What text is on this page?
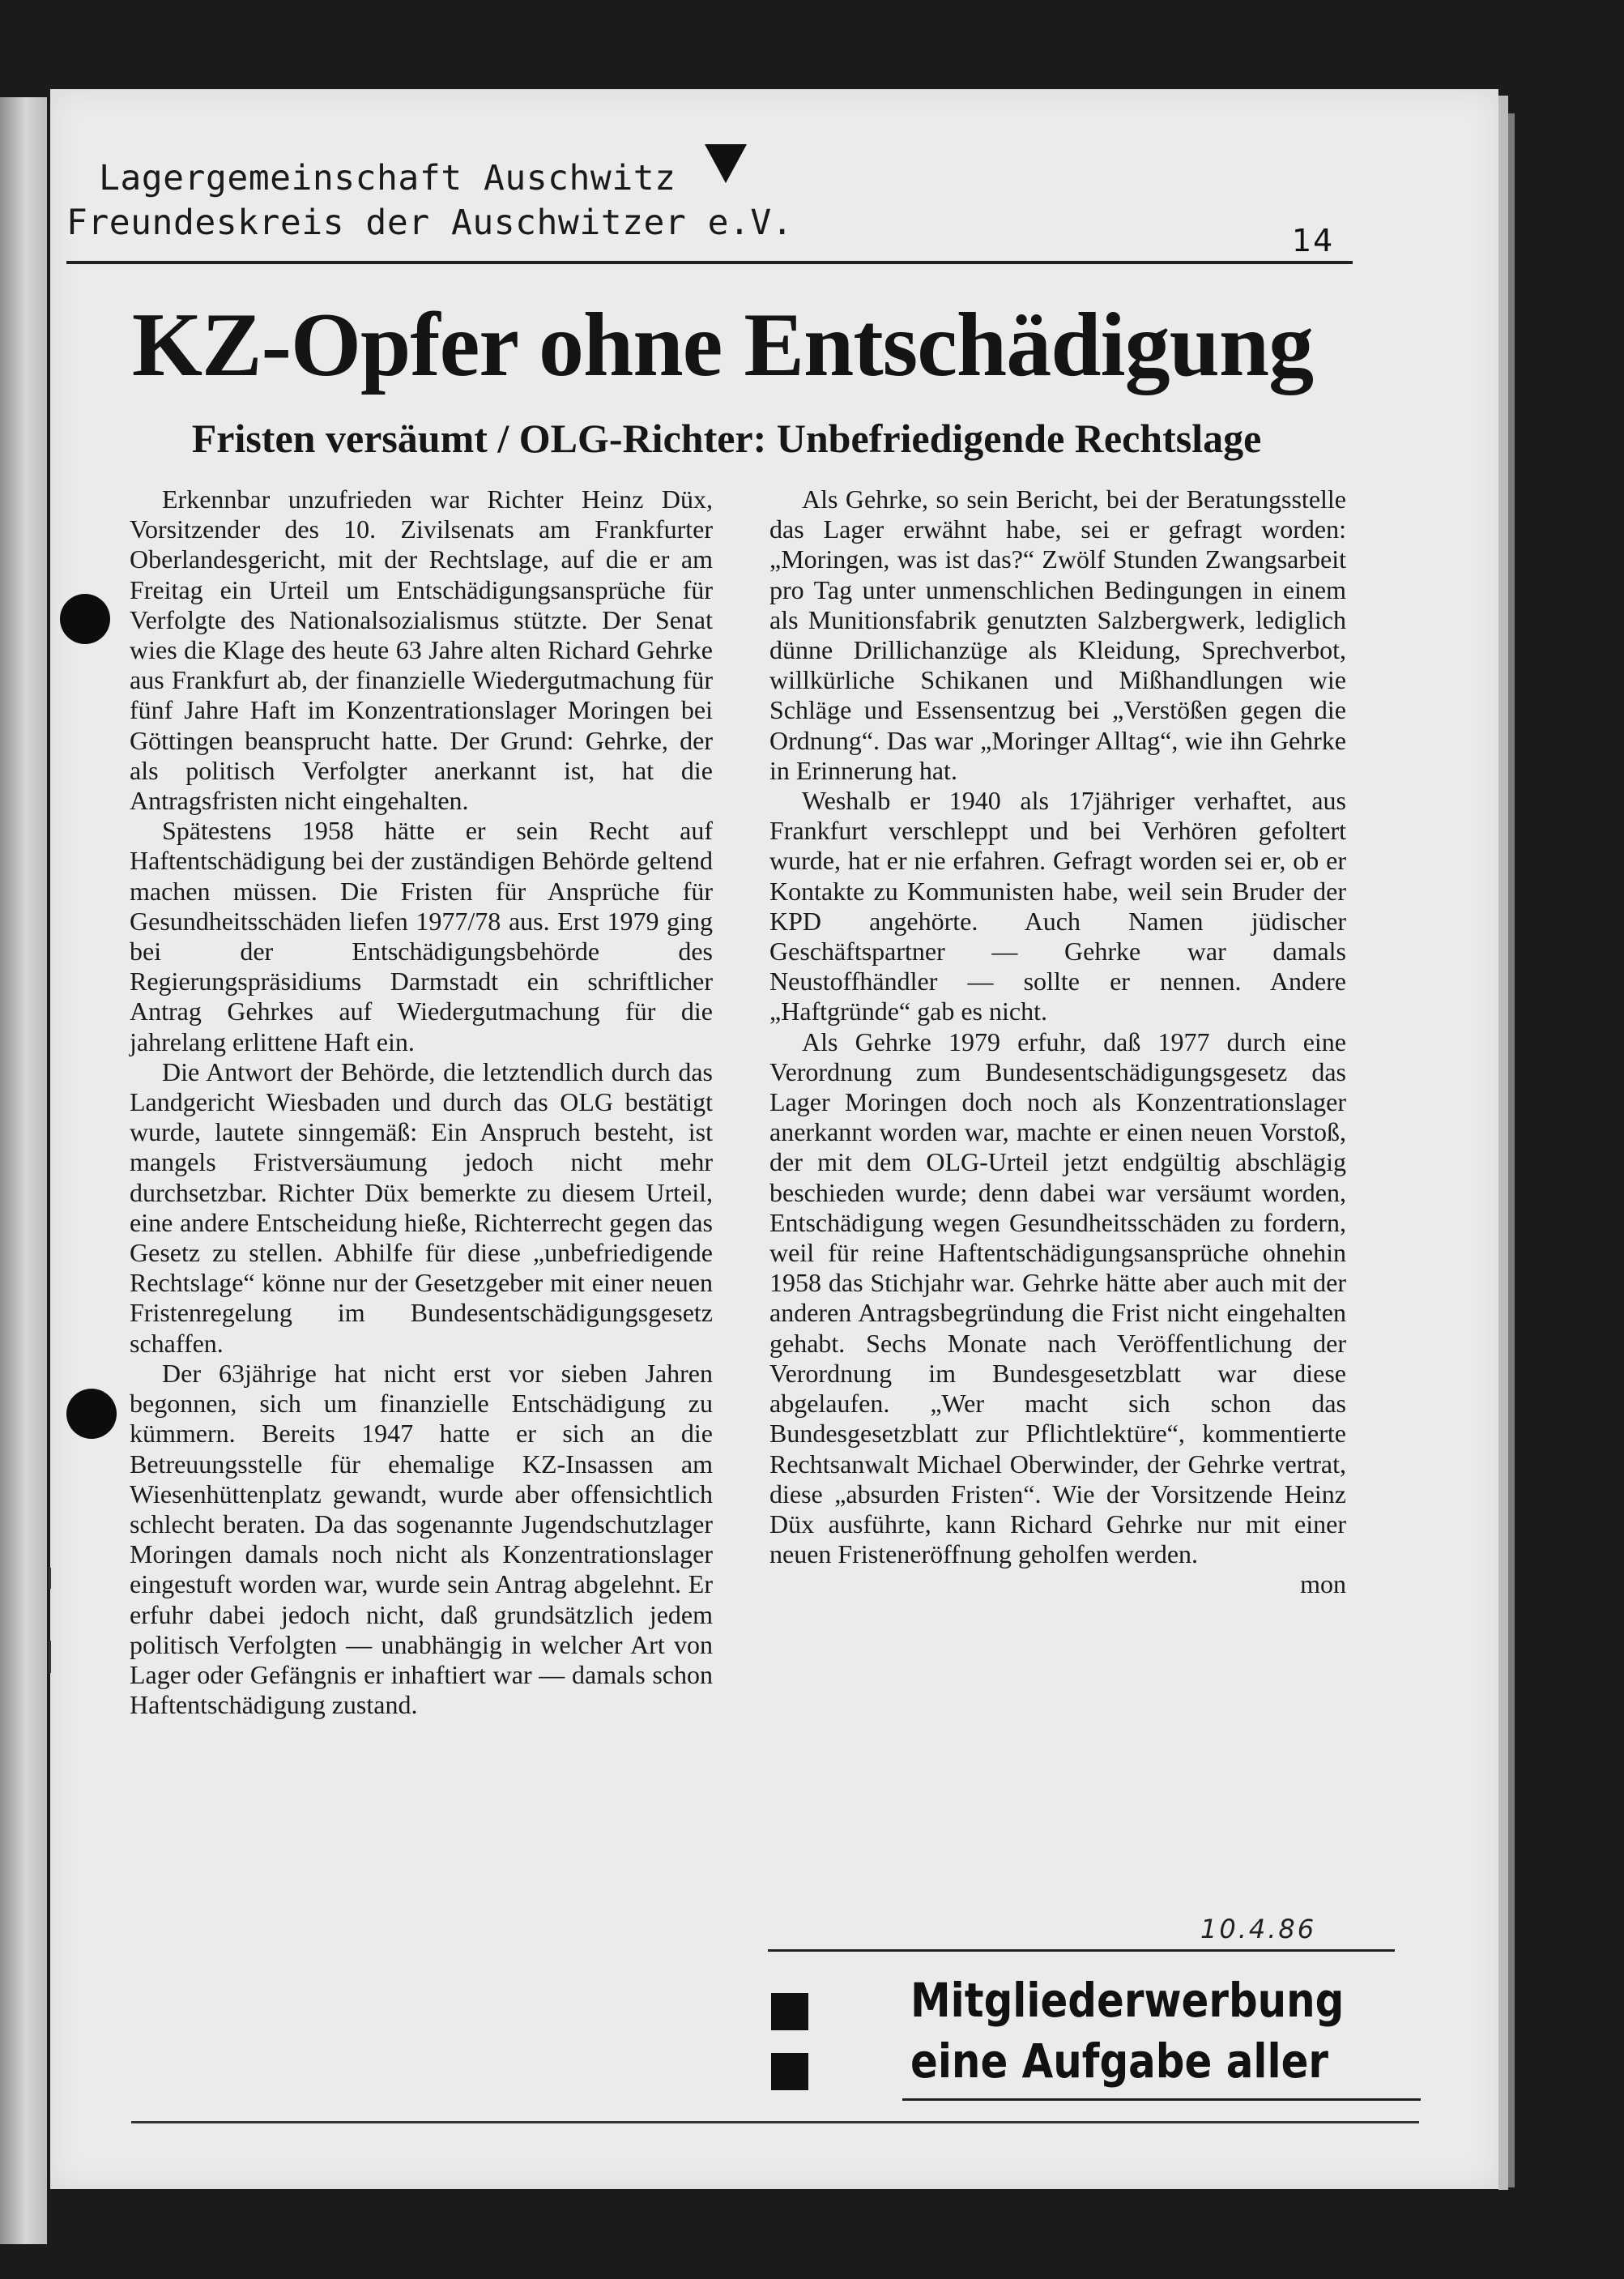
Lagergemeinschaft Auschwitz
Freundeskreis der Auschwitzer e.V.	14
KZ-Opfer ohne Entschädigung
Fristen versäumt / OLG-Richter: Unbefriedigende Rechtslage

Erkennbar unzufrieden war Richter Heinz Düx, Vorsitzender des 10. Zivilsenats am Frankfurter Oberlandesgericht, mit der Rechtslage, auf die er am Freitag ein Urteil um Entschädigungsansprüche für Verfolgte des Nationalsozialismus stützte. Der Senat wies die Klage des heute 63 Jahre alten Richard Gehrke aus Frankfurt ab, der finanzielle Wiedergutmachung für fünf Jahre Haft im Konzentrationslager Moringen bei Göttingen beansprucht hatte. Der Grund: Gehrke, der als politisch Verfolgter anerkannt ist, hat die Antragsfristen nicht eingehalten.

Spätestens 1958 hätte er sein Recht auf Haftentschädigung bei der zuständigen Behörde geltend machen müssen. Die Fristen für Ansprüche für Gesundheitsschäden liefen 1977/78 aus. Erst 1979 ging bei der Entschädigungsbehörde des Regierungspräsidiums Darmstadt ein schriftlicher Antrag Gehrkes auf Wiedergutmachung für die jahrelang erlittene Haft ein.

Die Antwort der Behörde, die letztendlich durch das Landgericht Wiesbaden und durch das OLG bestätigt wurde, lautete sinngemäß: Ein Anspruch besteht, ist mangels Fristversäumung jedoch nicht mehr durchsetzbar. Richter Düx bemerkte zu diesem Urteil, eine andere Entscheidung hieße, Richterrecht gegen das Gesetz zu stellen. Abhilfe für diese „unbefriedigende Rechtslage“ könne nur der Gesetzgeber mit einer neuen Fristenregelung im Bundesentschädigungsgesetz schaffen.

Der 63jährige hat nicht erst vor sieben Jahren begonnen, sich um finanzielle Entschädigung zu kümmern. Bereits 1947 hatte er sich an die Betreuungsstelle für ehemalige KZ-Insassen am Wiesenhüttenplatz gewandt, wurde aber offensichtlich schlecht beraten. Da das sogenannte Jugendschutzlager Moringen damals noch nicht als Konzentrationslager eingestuft worden war, wurde sein Antrag abgelehnt. Er erfuhr dabei jedoch nicht, daß grundsätzlich jedem politisch Verfolgten — unabhängig in welcher Art von Lager oder Gefängnis er inhaftiert war — damals schon Haftentschädigung zustand.

Als Gehrke, so sein Bericht, bei der Beratungsstelle das Lager erwähnt habe, sei er gefragt worden: „Moringen, was ist das?“ Zwölf Stunden Zwangsarbeit pro Tag unter unmenschlichen Bedingungen in einem als Munitionsfabrik genutzten Salzbergwerk, lediglich dünne Drillichanzüge als Kleidung, Sprechverbot, willkürliche Schikanen und Mißhandlungen wie Schläge und Essensentzug bei „Verstößen gegen die Ordnung“. Das war „Moringer Alltag“, wie ihn Gehrke in Erinnerung hat.

Weshalb er 1940 als 17jähriger verhaftet, aus Frankfurt verschleppt und bei Verhören gefoltert wurde, hat er nie erfahren. Gefragt worden sei er, ob er Kontakte zu Kommunisten habe, weil sein Bruder der KPD angehörte. Auch Namen jüdischer Geschäftspartner — Gehrke war damals Neustoffhändler — sollte er nennen. Andere „Haftgründe“ gab es nicht.

Als Gehrke 1979 erfuhr, daß 1977 durch eine Verordnung zum Bundesentschädigungsgesetz das Lager Moringen doch noch als Konzentrationslager anerkannt worden war, machte er einen neuen Vorstoß, der mit dem OLG-Urteil jetzt endgültig abschlägig beschieden wurde; denn dabei war versäumt worden, Entschädigung wegen Gesundheitsschäden zu fordern, weil für reine Haftentschädigungsansprüche ohnehin 1958 das Stichjahr war. Gehrke hätte aber auch mit der anderen Antragsbegründung die Frist nicht eingehalten gehabt. Sechs Monate nach Veröffentlichung der Verordnung im Bundesgesetzblatt war diese abgelaufen. „Wer macht sich schon das Bundesgesetzblatt zur Pflichtlektüre“, kommentierte Rechtsanwalt Michael Oberwinder, der Gehrke vertrat, diese „absurden Fristen“. Wie der Vorsitzende Heinz Düx ausführte, kann Richard Gehrke nur mit einer neuen Fristeneröffnung geholfen werden.

mon

10.4.86
Mitgliederwerbung
eine Aufgabe aller
